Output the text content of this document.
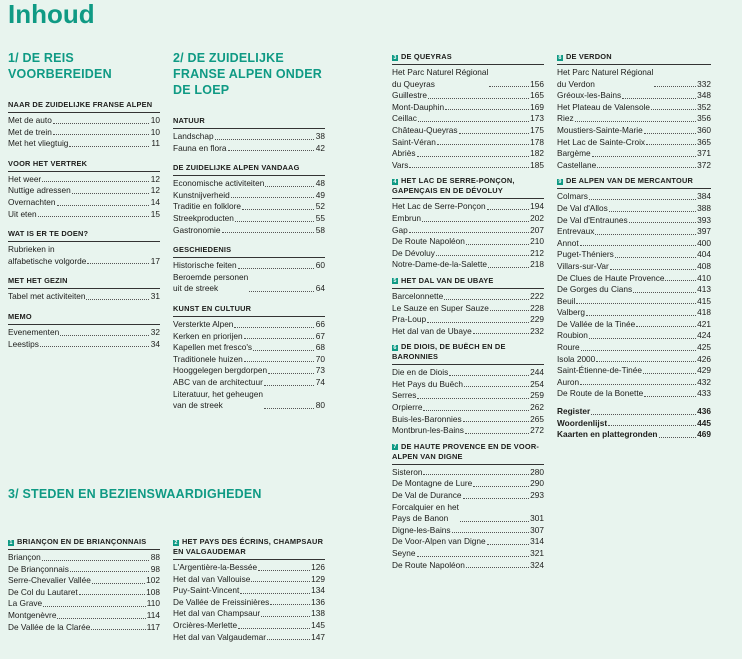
Inhoud
1/ DE REIS VOORBEREIDEN
NAAR DE ZUIDELIJKE FRANSE ALPEN
Met de auto	10
Met de trein	10
Met het vliegtuig	11
VOOR HET VERTREK
Het weer	12
Nuttige adressen	12
Overnachten	14
Uit eten	15
WAT IS ER TE DOEN?
Rubrieken in
alfabetische volgorde	17
MET HET GEZIN
Tabel met activiteiten	31
MEMO
Evenementen	32
Leestips	34
2/ DE ZUIDELIJKE FRANSE ALPEN ONDER DE LOEP
NATUUR
Landschap	38
Fauna en flora	42
DE ZUIDELIJKE ALPEN VANDAAG
Economische activiteiten	48
Kunstnijverheid	49
Traditie en folklore	52
Streekproducten	55
Gastronomie	58
GESCHIEDENIS
Historische feiten	60
Beroemde personen
uit de streek	64
KUNST EN CULTUUR
Versterkte Alpen	66
Kerken en priorijen	67
Kapellen met fresco's	68
Traditionele huizen	70
Hooggelegen bergdorpen	73
ABC van de architectuur	74
Literatuur, het geheugen
van de streek	80
3/ STEDEN EN BEZIENSWAARDIGHEDEN
1 BRIANÇON EN DE BRIANÇONNAIS
Briançon	88
De Briançonnais	98
Serre-Chevalier Vallée	102
De Col du Lautaret	108
La Grave	110
Montgenèvre	114
De Vallée de la Clarée	117
2 HET PAYS DES ÉCRINS, CHAMPSAUR EN VALGAUDEMAR
L'Argentière-la-Bessée	126
Het dal van Vallouise	129
Puy-Saint-Vincent	134
De Vallée de Freissinières	136
Het dal van Champsaur	138
Orcières-Merlette	145
Het dal van Valgaudemar	147
3 DE QUEYRAS
Het Parc Naturel Régional
du Queyras	156
Guillestre	165
Mont-Dauphin	169
Ceillac	173
Château-Queyras	175
Saint-Véran	178
Abriès	182
Vars	185
4 HET LAC DE SERRE-PONÇON, GAPENÇAIS EN DE DÉVOLUY
Het Lac de Serre-Ponçon	194
Embrun	202
Gap	207
De Route Napoléon	210
De Dévoluy	212
Notre-Dame-de-la-Salette	218
5 HET DAL VAN DE UBAYE
Barcelonnette	222
Le Sauze en Super Sauze	228
Pra-Loup	229
Het dal van de Ubaye	232
6 DE DIOIS, DE BUËCH EN DE BARONNIES
Die en de Diois	244
Het Pays du Buëch	254
Serres	259
Orpierre	262
Buis-les-Baronnies	265
Montbrun-les-Bains	272
7 DE HAUTE PROVENCE EN DE VOOR-ALPEN VAN DIGNE
Sisteron	280
De Montagne de Lure	290
De Val de Durance	293
Forcalquier en het
Pays de Banon	301
Digne-les-Bains	307
De Voor-Alpen van Digne	314
Seyne	321
De Route Napoléon	324
8 DE VERDON
Het Parc Naturel Régional
du Verdon	332
Gréoux-les-Bains	348
Het Plateau de Valensole	352
Riez	356
Moustiers-Sainte-Marie	360
Het Lac de Sainte-Croix	365
Bargème	371
Castellane	372
9 DE ALPEN VAN DE MERCANTOUR
Colmars	384
De Val d'Allos	388
De Val d'Entraunes	393
Entrevaux	397
Annot	400
Puget-Théniers	404
Villars-sur-Var	408
De Clues de Haute Provence	410
De Gorges du Cians	413
Beuil	415
Valberg	418
De Vallée de la Tinée	421
Roubion	424
Roure	425
Isola 2000	426
Saint-Étienne-de-Tinée	429
Auron	432
De Route de la Bonette	433
Register	436
Woordenlijst	445
Kaarten en plattegronden	469
